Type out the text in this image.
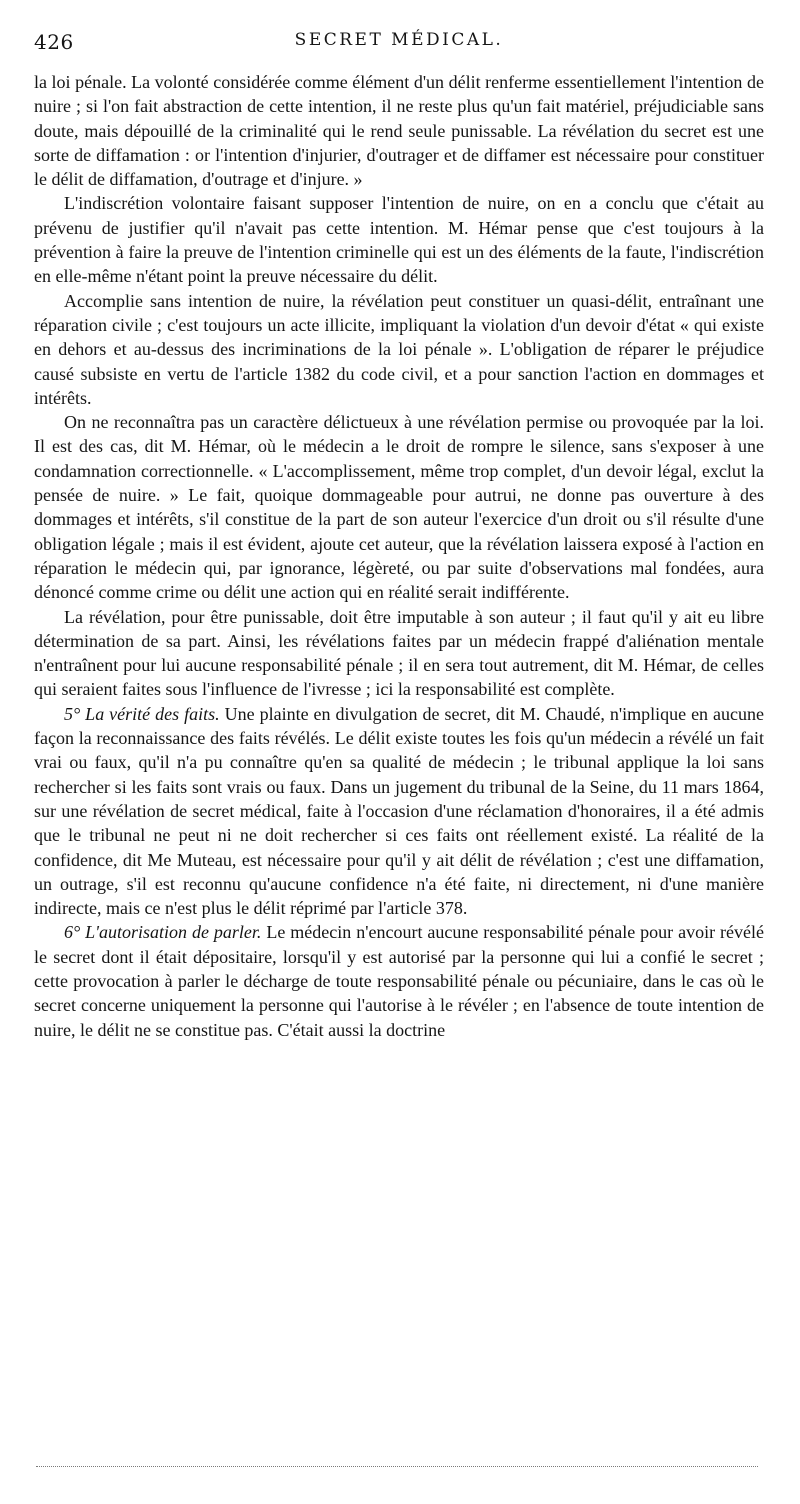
426	SECRET MÉDICAL.

la loi pénale. La volonté considérée comme élément d'un délit renferme essentiellement l'intention de nuire ; si l'on fait abstraction de cette intention, il ne reste plus qu'un fait matériel, préjudiciable sans doute, mais dépouillé de la criminalité qui le rend seule punissable. La révélation du secret est une sorte de diffamation : or l'intention d'injurier, d'outrager et de diffamer est nécessaire pour constituer le délit de diffamation, d'outrage et d'injure. »

L'indiscrétion volontaire faisant supposer l'intention de nuire, on en a conclu que c'était au prévenu de justifier qu'il n'avait pas cette intention. M. Hémar pense que c'est toujours à la prévention à faire la preuve de l'intention criminelle qui est un des éléments de la faute, l'indiscrétion en elle-même n'étant point la preuve nécessaire du délit.

Accomplie sans intention de nuire, la révélation peut constituer un quasi-délit, entraînant une réparation civile ; c'est toujours un acte illicite, impliquant la violation d'un devoir d'état « qui existe en dehors et au-dessus des incriminations de la loi pénale ». L'obligation de réparer le préjudice causé subsiste en vertu de l'article 1382 du code civil, et a pour sanction l'action en dommages et intérêts.

On ne reconnaîtra pas un caractère délictueux à une révélation permise ou provoquée par la loi. Il est des cas, dit M. Hémar, où le médecin a le droit de rompre le silence, sans s'exposer à une condamnation correctionnelle. « L'accomplissement, même trop complet, d'un devoir légal, exclut la pensée de nuire. » Le fait, quoique dommageable pour autrui, ne donne pas ouverture à des dommages et intérêts, s'il constitue de la part de son auteur l'exercice d'un droit ou s'il résulte d'une obligation légale ; mais il est évident, ajoute cet auteur, que la révélation laissera exposé à l'action en réparation le médecin qui, par ignorance, légèreté, ou par suite d'observations mal fondées, aura dénoncé comme crime ou délit une action qui en réalité serait indifférente.

La révélation, pour être punissable, doit être imputable à son auteur ; il faut qu'il y ait eu libre détermination de sa part. Ainsi, les révélations faites par un médecin frappé d'aliénation mentale n'entraînent pour lui aucune responsabilité pénale ; il en sera tout autrement, dit M. Hémar, de celles qui seraient faites sous l'influence de l'ivresse ; ici la responsabilité est complète.

5° La vérité des faits. Une plainte en divulgation de secret, dit M. Chaudé, n'implique en aucune façon la reconnaissance des faits révélés. Le délit existe toutes les fois qu'un médecin a révélé un fait vrai ou faux, qu'il n'a pu connaître qu'en sa qualité de médecin ; le tribunal applique la loi sans rechercher si les faits sont vrais ou faux. Dans un jugement du tribunal de la Seine, du 11 mars 1864, sur une révélation de secret médical, faite à l'occasion d'une réclamation d'honoraires, il a été admis que le tribunal ne peut ni ne doit rechercher si ces faits ont réellement existé. La réalité de la confidence, dit Me Muteau, est nécessaire pour qu'il y ait délit de révélation ; c'est une diffamation, un outrage, s'il est reconnu qu'aucune confidence n'a été faite, ni directement, ni d'une manière indirecte, mais ce n'est plus le délit réprimé par l'article 378.

6° L'autorisation de parler. Le médecin n'encourt aucune responsabilité pénale pour avoir révélé le secret dont il était dépositaire, lorsqu'il y est autorisé par la personne qui lui a confié le secret ; cette provocation à parler le décharge de toute responsabilité pénale ou pécuniaire, dans le cas où le secret concerne uniquement la personne qui l'autorise à le révéler ; en l'absence de toute intention de nuire, le délit ne se constitue pas. C'était aussi la doctrine
